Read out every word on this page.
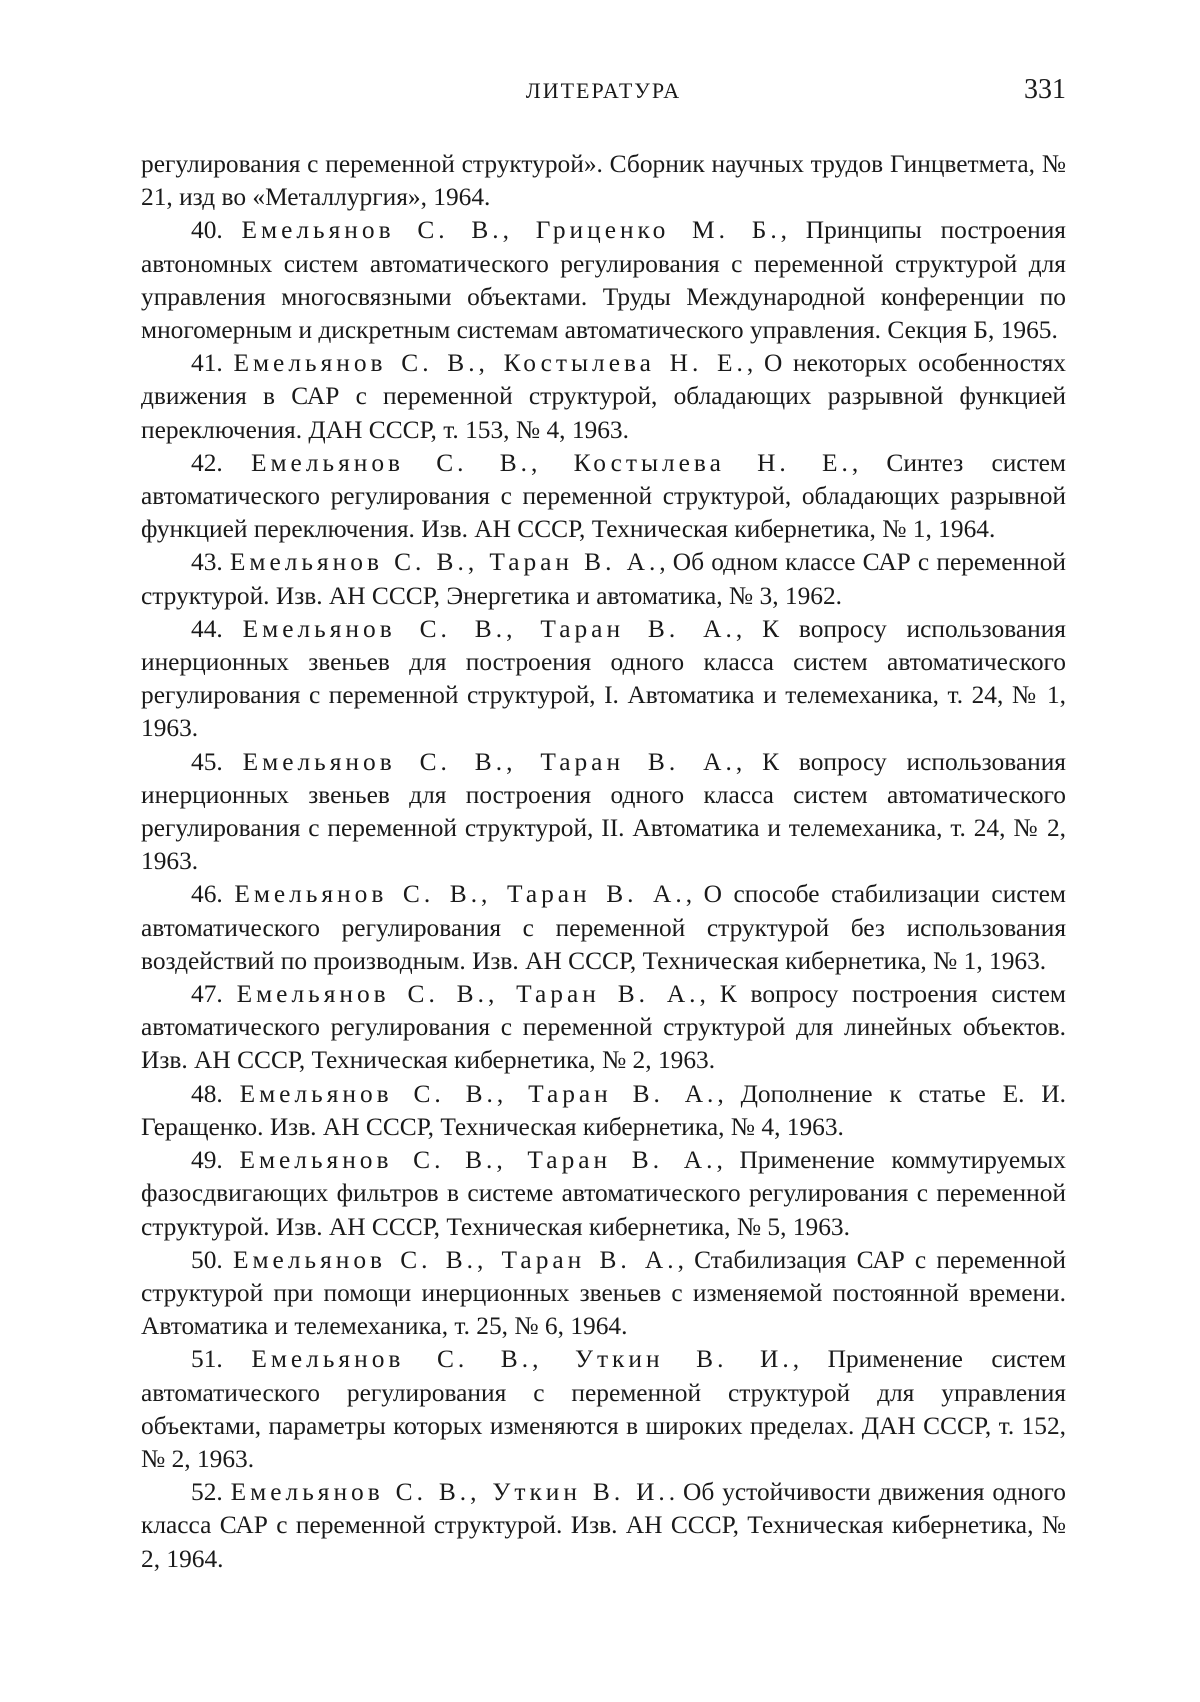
ЛИТЕРАТУРА	331

регулирования с переменной структурой». Сборник научных трудов Гинцветмета, № 21, изд во «Металлургия», 1964.

40. Емельянов С. В., Гриценко М. Б., Принципы построения автономных систем автоматического регулирования с переменной структурой для управления многосвязными объектами. Труды Международной конференции по многомерным и дискретным системам автоматического управления. Секция Б, 1965.

41. Емельянов С. В., Костылева Н. Е., О некоторых особенностях движения в САР с переменной структурой, обладающих разрывной функцией переключения. ДАН СССР, т. 153, № 4, 1963.

42. Емельянов С. В., Костылева Н. Е., Синтез систем автоматического регулирования с переменной структурой, обладающих разрывной функцией переключения. Изв. АН СССР, Техническая кибернетика, № 1, 1964.

43. Емельянов С. В., Таран В. А., Об одном классе САР с переменной структурой. Изв. АН СССР, Энергетика и автоматика, № 3, 1962.

44. Емельянов С. В., Таран В. А., К вопросу использования инерционных звеньев для построения одного класса систем автоматического регулирования с переменной структурой, I. Автоматика и телемеханика, т. 24, № 1, 1963.

45. Емельянов С. В., Таран В. А., К вопросу использования инерционных звеньев для построения одного класса систем автоматического регулирования с переменной структурой, II. Автоматика и телемеханика, т. 24, № 2, 1963.

46. Емельянов С. В., Таран В. А., О способе стабилизации систем автоматического регулирования с переменной структурой без использования воздействий по производным. Изв. АН СССР, Техническая кибернетика, № 1, 1963.

47. Емельянов С. В., Таран В. А., К вопросу построения систем автоматического регулирования с переменной структурой для линейных объектов. Изв. АН СССР, Техническая кибернетика, № 2, 1963.

48. Емельянов С. В., Таран В. А., Дополнение к статье Е. И. Геращенко. Изв. АН СССР, Техническая кибернетика, № 4, 1963.

49. Емельянов С. В., Таран В. А., Применение коммутируемых фазосдвигающих фильтров в системе автоматического регулирования с переменной структурой. Изв. АН СССР, Техническая кибернетика, № 5, 1963.

50. Емельянов С. В., Таран В. А., Стабилизация САР с переменной структурой при помощи инерционных звеньев с изменяемой постоянной времени. Автоматика и телемеханика, т. 25, № 6, 1964.

51. Емельянов С. В., Уткин В. И., Применение систем автоматического регулирования с переменной структурой для управления объектами, параметры которых изменяются в широких пределах. ДАН СССР, т. 152, № 2, 1963.

52. Емельянов С. В., Уткин В. И.. Об устойчивости движения одного класса САР с переменной структурой. Изв. АН СССР, Техническая кибернетика, № 2, 1964.
